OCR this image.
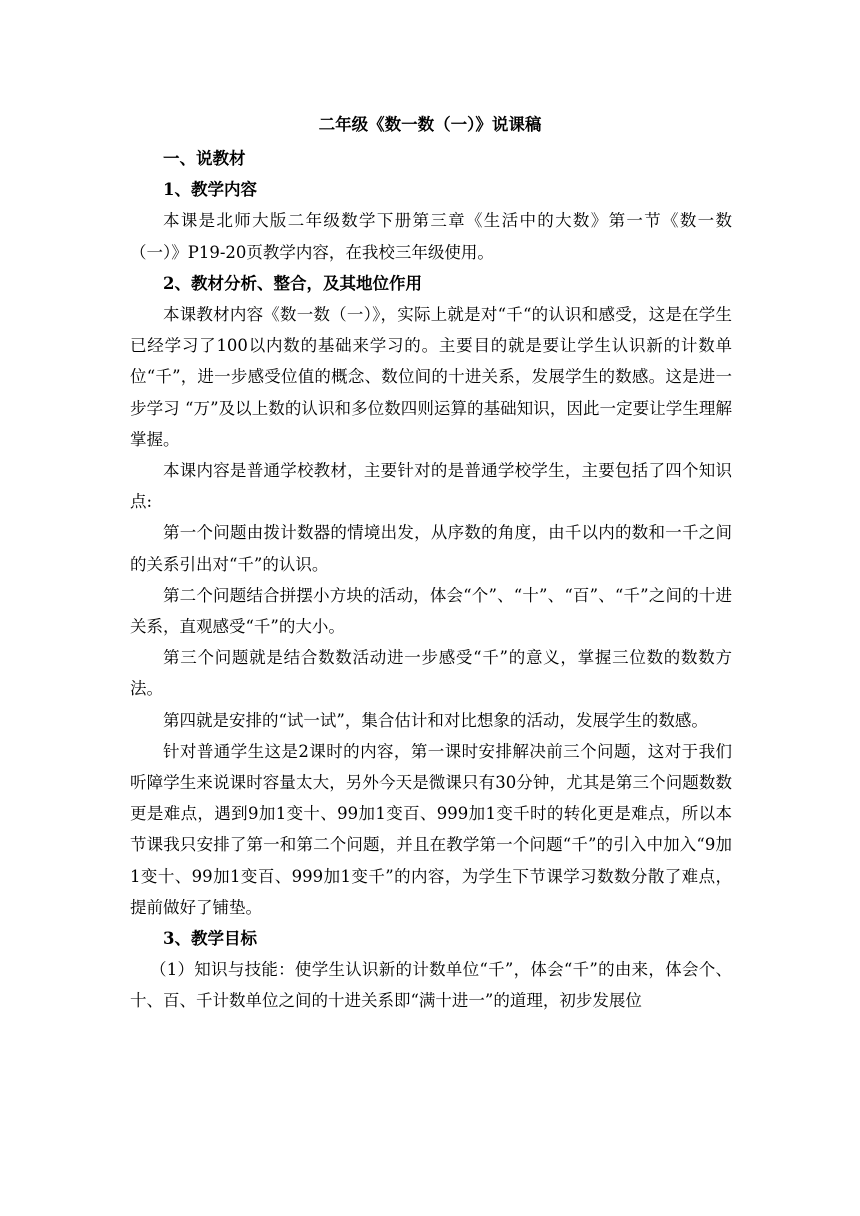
二年级《数一数（一）》说课稿

一、说教材

1、教学内容

本课是北师大版二年级数学下册第三章《生活中的大数》第一节《数一数（一）》P19-20页教学内容，在我校三年级使用。

2、教材分析、整合，及其地位作用

本课教材内容《数一数（一）》，实际上就是对“千“的认识和感受，这是在学生已经学习了100以内数的基础来学习的。主要目的就是要让学生认识新的计数单位“千”，进一步感受位值的概念、数位间的十进关系，发展学生的数感。这是进一步学习 “万”及以上数的认识和多位数四则运算的基础知识，因此一定要让学生理解掌握。

本课内容是普通学校教材，主要针对的是普通学校学生，主要包括了四个知识点:

第一个问题由拨计数器的情境出发，从序数的角度，由千以内的数和一千之间的关系引出对“千”的认识。

第二个问题结合拼摆小方块的活动，体会“个”、“十”、“百”、“千”之间的十进关系，直观感受“千”的大小。

第三个问题就是结合数数活动进一步感受“千”的意义，掌握三位数的数数方法。

第四就是安排的“试一试”，集合估计和对比想象的活动，发展学生的数感。

针对普通学生这是2课时的内容，第一课时安排解决前三个问题，这对于我们听障学生来说课时容量太大，另外今天是微课只有30分钟，尤其是第三个问题数数更是难点，遇到9加1变十、99加1变百、999加1变千时的转化更是难点，所以本节课我只安排了第一和第二个问题，并且在教学第一个问题“千”的引入中加入“9加1变十、99加1变百、999加1变千”的内容，为学生下节课学习数数分散了难点，提前做好了铺垫。

3、教学目标

（1）知识与技能：使学生认识新的计数单位“千”，体会“千”的由来，体会个、十、百、千计数单位之间的十进关系即“满十进一”的道理，初步发展位
